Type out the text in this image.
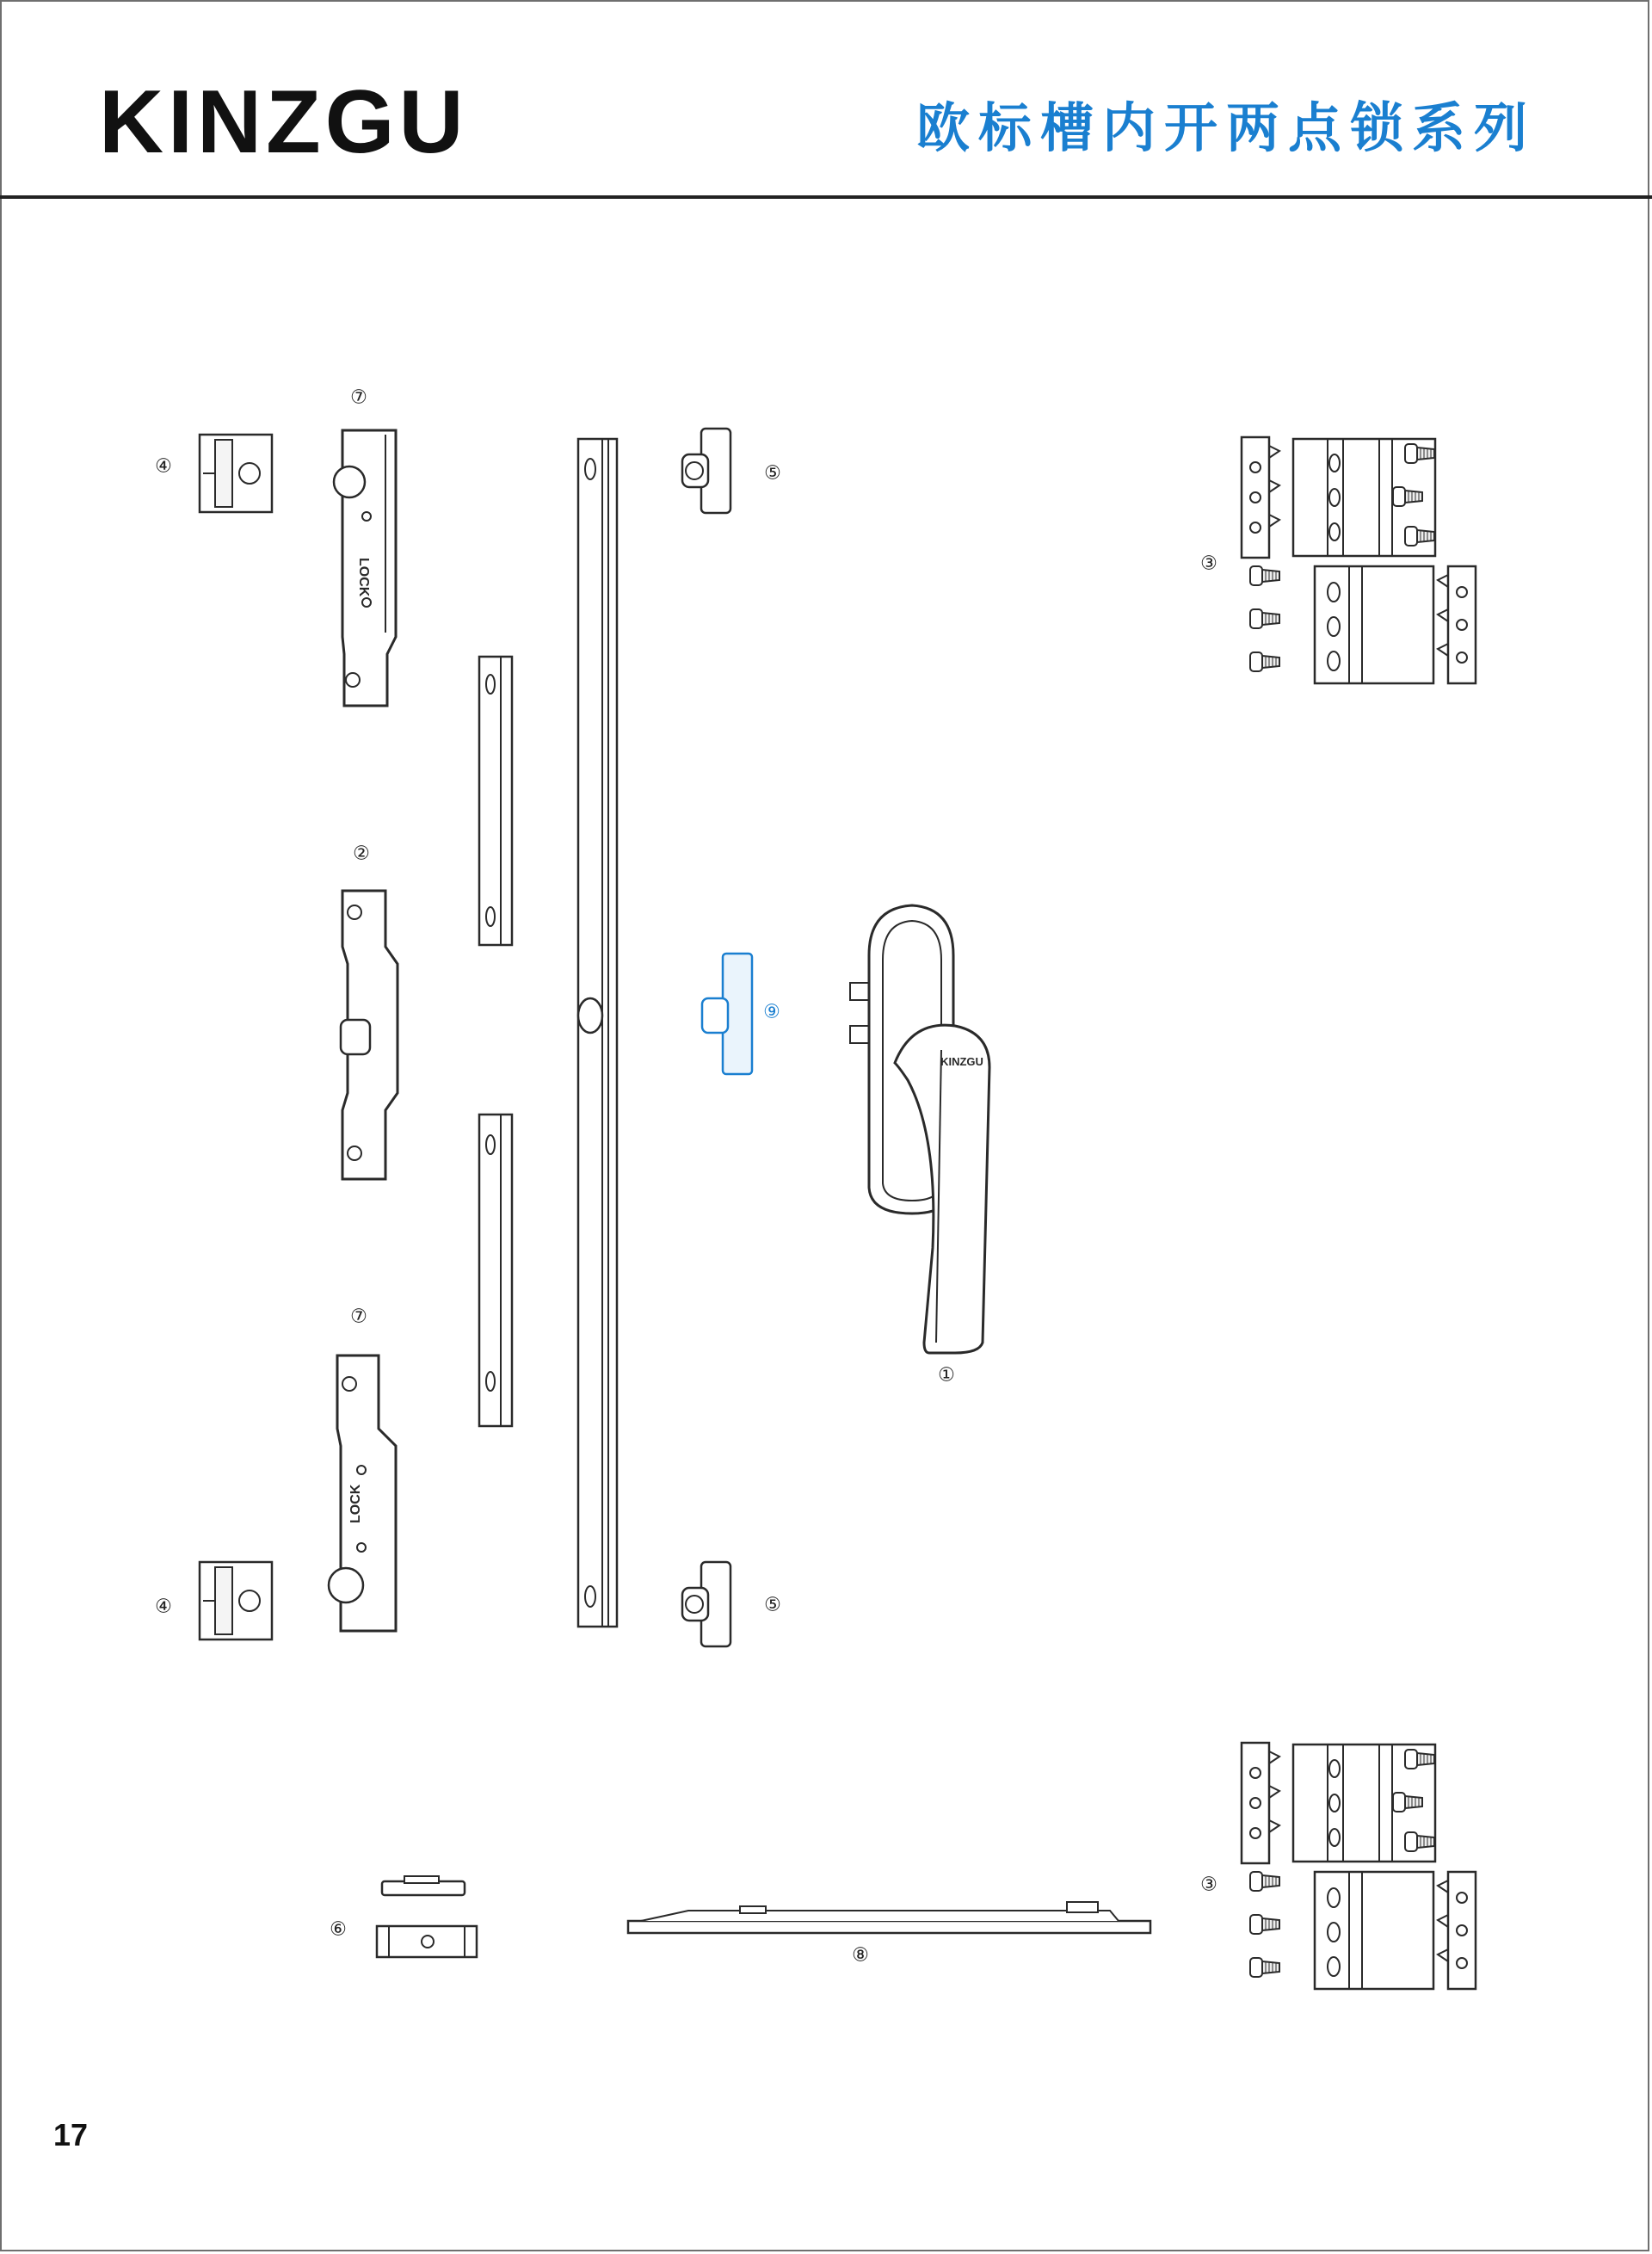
KINZGU	欧标槽内开两点锁系列
LOCK
⑦
④
②
LOCK
⑦
④
⑤
⑤
⑨
KINZGU
①
③
③
⑥
⑧
17
